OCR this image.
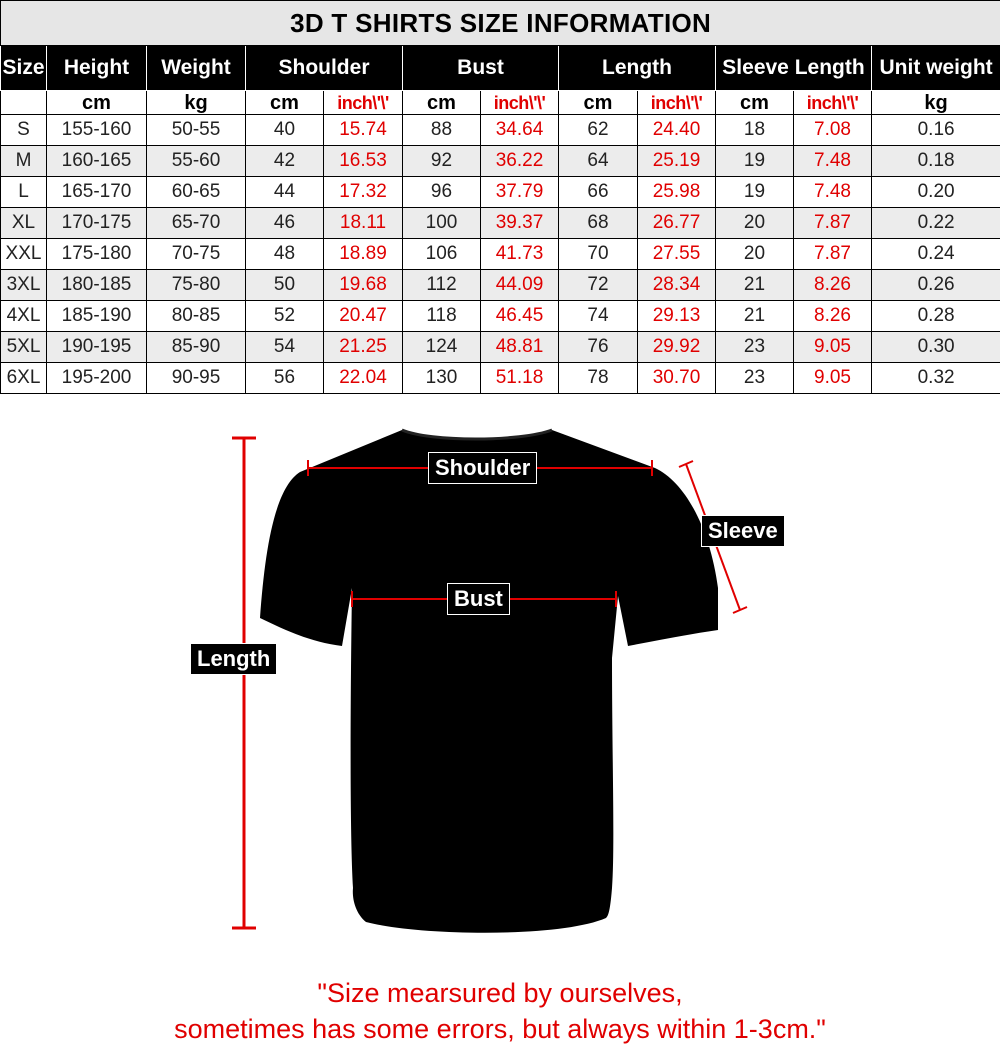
3D T SHIRTS SIZE INFORMATION											
Size	Height	Weight	Shoulder		Bust		Length		Sleeve Length		Unit weight
	cm	kg	cm	inch\'\'	cm	inch\'\'	cm	inch\'\'	cm	inch\'\'	kg
S	155-160	50-55	40	15.74	88	34.64	62	24.40	18	7.08	0.16
M	160-165	55-60	42	16.53	92	36.22	64	25.19	19	7.48	0.18
L	165-170	60-65	44	17.32	96	37.79	66	25.98	19	7.48	0.20
XL	170-175	65-70	46	18.11	100	39.37	68	26.77	20	7.87	0.22
XXL	175-180	70-75	48	18.89	106	41.73	70	27.55	20	7.87	0.24
3XL	180-185	75-80	50	19.68	112	44.09	72	28.34	21	8.26	0.26
4XL	185-190	80-85	52	20.47	118	46.45	74	29.13	21	8.26	0.28
5XL	190-195	85-90	54	21.25	124	48.81	76	29.92	23	9.05	0.30
6XL	195-200	90-95	56	22.04	130	51.18	78	30.70	23	9.05	0.32
Shoulder
Sleeve
Bust
Length
"Size mearsured by ourselves,
sometimes has some errors, but always within 1-3cm."
